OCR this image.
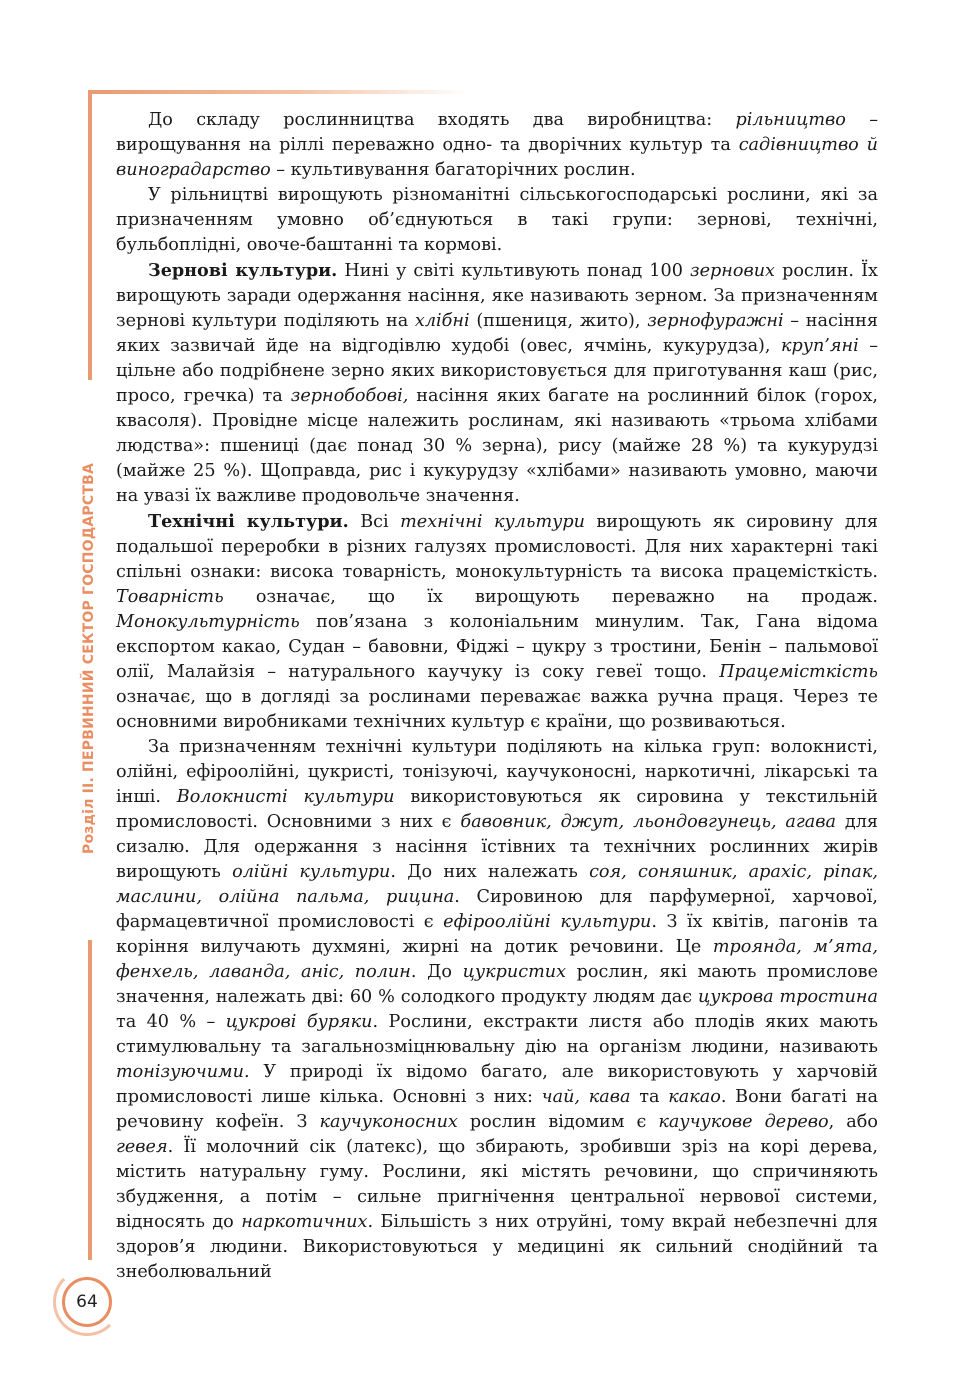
Розділ II. ПЕРВИННИЙ СЕКТОР ГОСПОДАРСТВА
64

До складу рослинництва входять два виробництва: рільництво – вирощування на ріллі переважно одно- та дворічних культур та садівництво й виноградарство – культивування багаторічних рослин.

У рільництві вирощують різноманітні сільськогосподарські рослини, які за призначенням умовно об’єднуються в такі групи: зернові, технічні, бульбоплідні, овоче-баштанні та кормові.

Зернові культури. Нині у світі культивують понад 100 зернових рослин. Їх вирощують заради одержання насіння, яке називають зерном. За призначенням зернові культури поділяють на хлібні (пшениця, жито), зернофуражні – насіння яких зазвичай йде на відгодівлю худобі (овес, ячмінь, кукурудза), круп’яні – цільне або подрібнене зерно яких використовується для приготування каш (рис, просо, гречка) та зернобобові, насіння яких багате на рослинний білок (горох, квасоля). Провідне місце належить рослинам, які називають «трьома хлібами людства»: пшениці (дає понад 30 % зерна), рису (майже 28 %) та кукурудзі (майже 25 %). Щоправда, рис і кукурудзу «хлібами» називають умовно, маючи на увазі їх важливе продовольче значення.

Технічні культури. Всі технічні культури вирощують як сировину для подальшої переробки в різних галузях промисловості. Для них характерні такі спільні ознаки: висока товарність, монокультурність та висока працемісткість. Товарність означає, що їх вирощують переважно на продаж. Монокультурність пов’язана з колоніальним минулим. Так, Гана відома експортом какао, Судан – бавовни, Фіджі – цукру з тростини, Бенін – пальмової олії, Малайзія – натурального каучуку із соку гевеї тощо. Працемісткість означає, що в догляді за рослинами переважає важка ручна праця. Через те основними виробниками технічних культур є країни, що розвиваються.

За призначенням технічні культури поділяють на кілька груп: волокнисті, олійні, ефіроолійні, цукристі, тонізуючі, каучуконосні, наркотичні, лікарські та інші. Волокнисті культури використовуються як сировина у текстильній промисловості. Основними з них є бавовник, джут, льондовгунець, агава для сизалю. Для одержання з насіння їстівних та технічних рослинних жирів вирощують олійні культури. До них належать соя, соняшник, арахіс, ріпак, маслини, олійна пальма, рицина. Сировиною для парфумерної, харчової, фармацевтичної промисловості є ефіроолійні культури. З їх квітів, пагонів та коріння вилучають духмяні, жирні на дотик речовини. Це троянда, м’ята, фенхель, лаванда, аніс, полин. До цукристих рослин, які мають промислове значення, належать дві: 60 % солодкого продукту людям дає цукрова тростина та 40 % – цукрові буряки. Рослини, екстракти листя або плодів яких мають стимулювальну та загальнозміцнювальну дію на організм людини, називають тонізуючими. У природі їх відомо багато, але використовують у харчовій промисловості лише кілька. Основні з них: чай, кава та какао. Вони багаті на речовину кофеїн. З каучуконосних рослин відомим є каучукове дерево, або гевея. Її молочний сік (латекс), що збирають, зробивши зріз на корі дерева, містить натуральну гуму. Рослини, які містять речовини, що спричиняють збудження, а потім – сильне пригнічення центральної нервової системи, відносять до наркотичних. Більшість з них отруйні, тому вкрай небезпечні для здоров’я людини. Використовуються у медицині як сильний снодійний та знеболювальний
